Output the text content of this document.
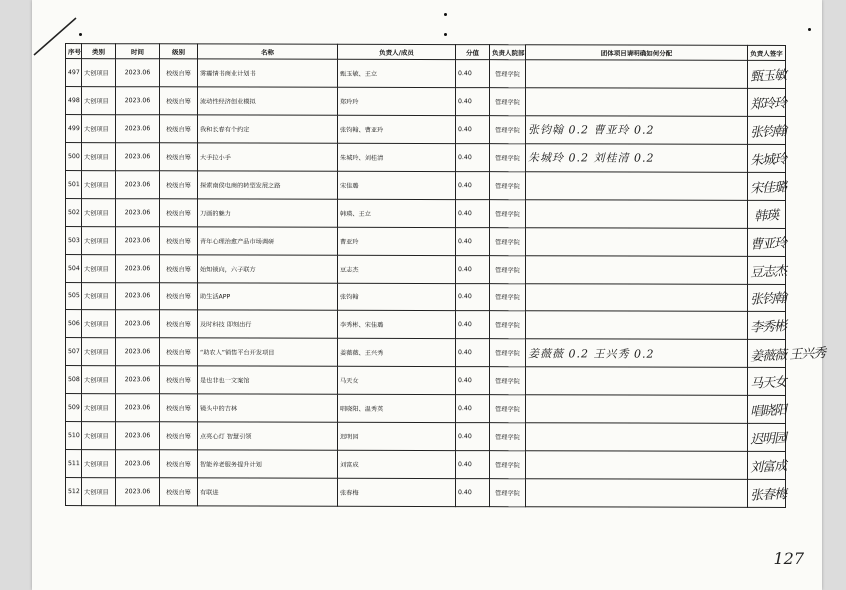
序号	类别	时间	级别	名称	负责人/成员	分值	负责人院部	团体项目请明确如何分配	负责人签字
497	大创项目	2023.06	校级自筹	雾霾情书商业计划书	甄玉敏、王立	0.40	管理学院		甄玉敏
498	大创项目	2023.06	校级自筹	流动性经济创业模拟	郑玲玲	0.40	管理学院		郑玲玲
499	大创项目	2023.06	校级自筹	我和长春有个约定	张钧翰、曹亚玲	0.40	管理学院	张钧翰 0.2 曹亚玲 0.2	张钧翰
500	大创项目	2023.06	校级自筹	大手拉小手	朱城玲、刘桂清	0.40	管理学院	朱城玲 0.2 刘桂清 0.2	朱城玲
501	大创项目	2023.06	校级自筹	探索南侯电商的转型发展之路	宋佳璐	0.40	管理学院		宋佳璐
502	大创项目	2023.06	校级自筹	刀画的魅力	韩瑛、王立	0.40	管理学院		韩瑛
503	大创项目	2023.06	校级自筹	青年心理治愈产品市场调研	曹亚玲	0.40	管理学院		曹亚玲
504	大创项目	2023.06	校级自筹	始知锁向，六子联方	豆志杰	0.40	管理学院		豆志杰
505	大创项目	2023.06	校级自筹	助生活APP	张钧翰	0.40	管理学院		张钧翰
506	大创项目	2023.06	校级自筹	及时科技 即刻出行	李秀彬、宋佳璐	0.40	管理学院		李秀彬
507	大创项目	2023.06	校级自筹	“助农人”销售平台开发项目	姜薇薇、王兴秀	0.40	管理学院	姜薇薇 0.2 王兴秀 0.2	姜薇薇 王兴秀
508	大创项目	2023.06	校级自筹	是也非也一文案馆	马天女	0.40	管理学院		马天女
509	大创项目	2023.06	校级自筹	镜头中的吉林	唱晓阳、温秀英	0.40	管理学院		唱晓阳
510	大创项目	2023.06	校级自筹	点亮心灯 智慧引领	迟明园	0.40	管理学院		迟明园
511	大创项目	2023.06	校级自筹	智能养老服务提升计划	刘富成	0.40	管理学院		刘富成
512	大创项目	2023.06	校级自筹	有联进	张春梅	0.40	管理学院		张春梅
127
